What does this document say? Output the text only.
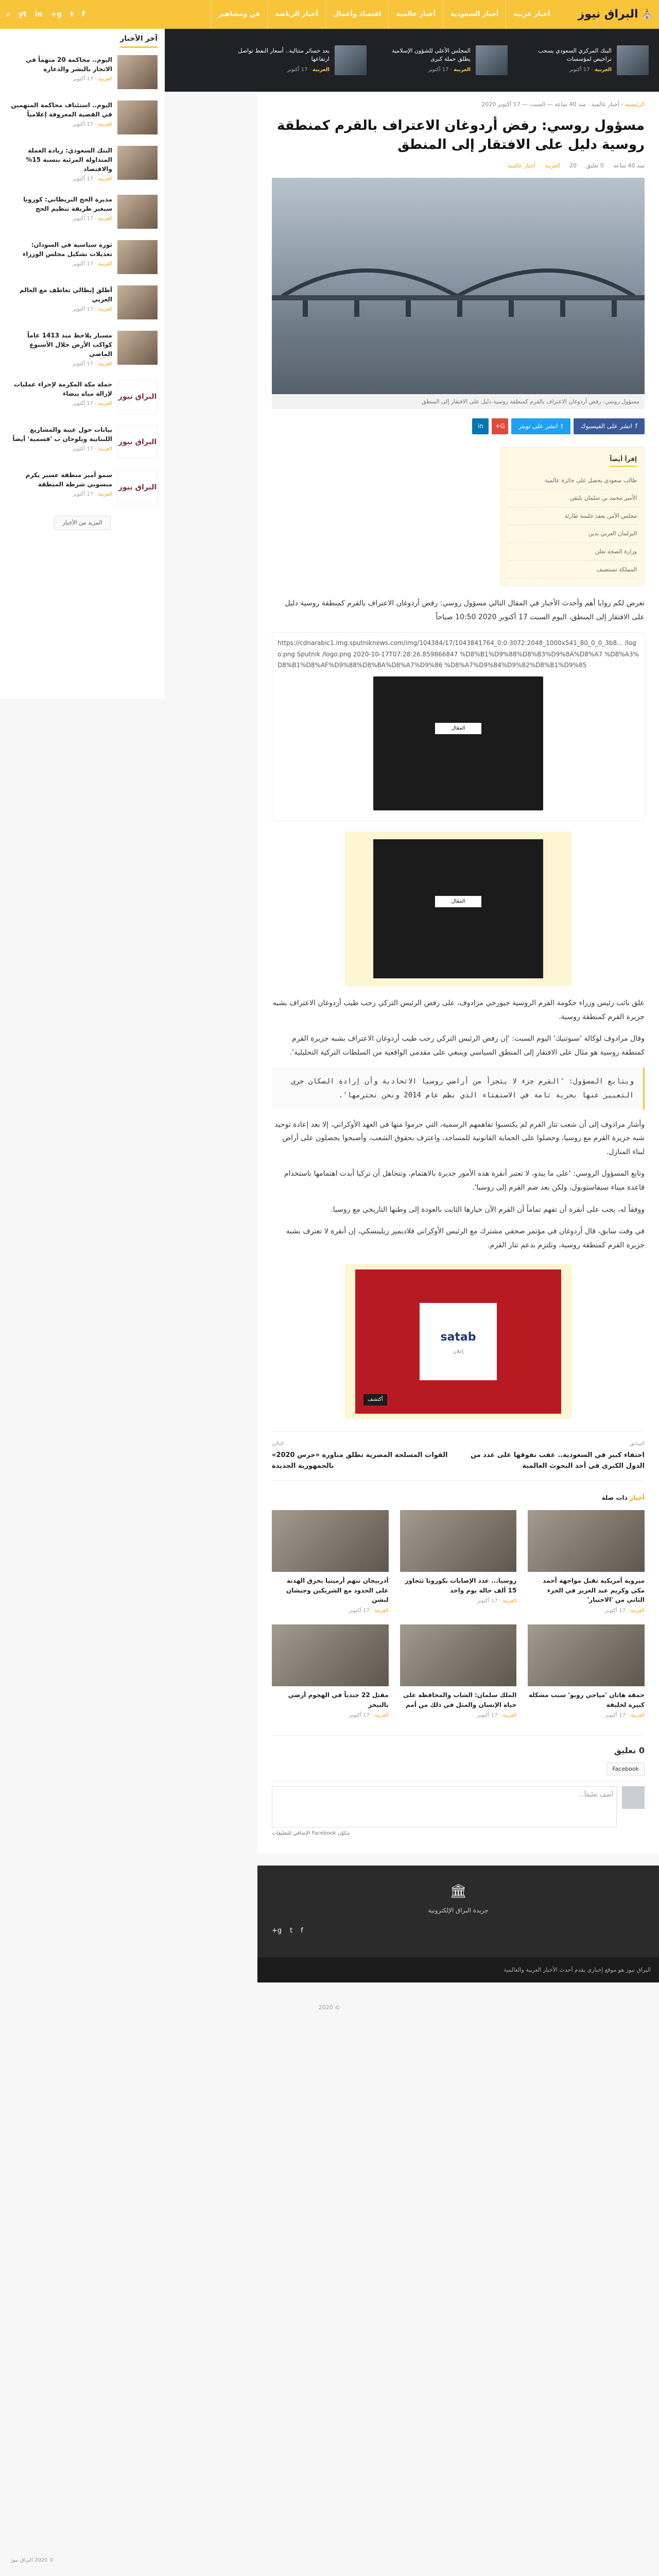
⛪
البراق نيوز
أخبار عربية
أخبار السعودية
أخبار عالمية
اقتصاد وأعمال
أخبار الرياضة
فن ومشاهير
f
t
g+
in
yt
⌕
البنك المركزي السعودي يسحب تراخيص لمؤسسات
العربية · 17 أكتوبر
المجلس الأعلى للشؤون الإسلامية يطلق حملة كبرى
العربية · 17 أكتوبر
بعد خسائر متتالية.. أسعار النفط تواصل ارتفاعها
العربية · 17 أكتوبر
آخر الأخبار
اليوم.. محاكمة 20 متهماً في الاتجار بالبشر والدعارة
العربية · 17 أكتوبر
اليوم.. استئناف محاكمة المتهمين في القضية المعروفة إعلامياً
العربية · 17 أكتوبر
البنك السعودي: زيادة العملة المتداولة المرئية بنسبة 15% والاقتصاد
العربية · 17 أكتوبر
مديرة الحج البريطاني: كورونا سيغير طريقة تنظيم الحج
العربية · 17 أكتوبر
ثورة سياسية في السودان: تعديلات تشكيل مجلس الوزراء
العربية · 17 أكتوبر
أطلق إيطالي تعاطف مع العالم العربي
العربية · 17 أكتوبر
مسبار يلاحظ منذ 1413 عاماً كواكب الأرض خلال الأسبوع الماضي
العربية · 17 أكتوبر
البراق نيوز
حملة مكة المكرمة لإجراء عمليات لإزالة مياه بيضاء
العربية · 17 أكتوبر
البراق نيوز
بيانات حول غيبة والمشاريع اللبنانية ويلوحان ب 'قسمية' أيضاً
العربية · 17 أكتوبر
البراق نيوز
سمو أمير منطقة عسير يكرم منسوبي شرطة المنطقة
العربية · 17 أكتوبر
المزيد من الأخبار
الرئيسية › أخبار عالمية · منذ 40 ساعة — السبت — 17 أكتوبر 2020
مسؤول روسي: رفض أردوغان الاعتراف بالقرم كمنطقة روسية دليل على الافتقار إلى المنطق
منذ 40 ساعة
0 تعليق
20
العربية
أخبار عالمية
مسؤول روسي: رفض أردوغان الاعتراف بالقرم كمنطقة روسية دليل على الافتقار إلى المنطق
f
انشر على الفيسبوك
t
انشر على تويتر
G+
in
إقرأ أيضاً
طالب سعودي يحصل على جائزة عالمية
الأمير محمد بن سلمان يلتقي
مجلس الأمن يعقد جلسة طارئة
البرلمان العربي يدين
وزارة الصحة تعلن
المملكة تستضيف

تعرض لكم زوايا أهم وأحدث الأخبار في المقال التالي مسؤول روسي: رفض أردوغان الاعتراف بالقرم كمنطقة روسية دليل على الافتقار إلى المنطق، اليوم السبت 17 أكتوبر 2020 10:50 صباحاً

https://cdnarabic1.img.sputniknews.com/img/104384/17/1043841764_0:0:3072:2048_1000x541_80_0_0_3b8... /logo.png Sputnik /logo.png 2020-10-17T07:28:26.859866847 %D8%B1%D9%88%D8%B3%D9%8A%D8%A7 %D8%A3%D8%B1%D8%AF%D9%88%D8%BA%D8%A7%D9%86 %D8%A7%D9%84%D9%82%D8%B1%D9%85
المقال
المقال

علق نائب رئيس وزراء حكومة القرم الروسية جيورجي مرادوف، على رفض الرئيس التركي رجب طيب أردوغان الاعتراف بشبه جزيرة القرم كمنطقة روسية.

وقال مرادوف لوكالة 'سبوتنيك' اليوم السبت: 'إن رفض الرئيس التركي رجب طيب أردوغان الاعتراف بشبه جزيرة القرم كمنطقة روسية هو مثال على الافتقار إلى المنطق السياسي وينبغي على مقدمي الواقعية من السلطات التركية التحليلية'.

ويتابع المسؤول: 'القرم جزء لا يتجزأ من أراضي روسيا الاتحادية وأن إرادة السكان جرى التعبير عنها بحرية تامة في الاستفتاء الذي نظم عام 2014 ونحن نحترمها'.

وأشار مرادوف إلى أن شعب تتار القرم لم يكتسبوا تفاهمهم الرسمية، التي حرموا منها في العهد الأوكراني، إلا بعد إعادة توحيد شبه جزيرة القرم مع روسيا، وحصلوا على الحماية القانونية للمساجد، واعترف بحقوق الشعب، وأصبحوا يحصلون على أراض لبناء المنازل.

وتابع المسؤول الروسي: 'على ما يبدو، لا تعتبر أنقرة هذه الأمور جديرة بالاهتمام، وتتجاهل أن تركيا أبدت اهتمامها باستخدام قاعدة ميناء سيفاستوبول، ولكن بعد ضم القرم إلى روسيا'.

ووفقاً له، يجب على أنقرة أن تفهم تماماً أن القرم الآن خيارها الثابت بالعودة إلى وطنها التاريخي مع روسيا.

في وقت سابق، قال أردوغان في مؤتمر صحفي مشترك مع الرئيس الأوكراني فلاديمير زيلينسكي، إن أنقرة لا تعترف بشبه جزيرة القرم كمنطقة روسية، وتلتزم بدعم تتار القرم.

satab
إعلان
أكتشف
السابق
احتفاء كبير في السعودية.. عقب تفوقها على عدد من الدول الكبرى في أحد البحوث العالمية
التالي
القوات المسلحة المصرية تطلق مناورة «حرس 2020» بالجمهورية الجديدة
أخبار ذات صلة
ميروية أمريكية تقبل مواجهة أحمد مكي وكريم عبد العزيز في الجزء الثاني من 'الاختيار'
العربية · 17 أكتوبر
روسيا... عدد الإصابات بكورونا تتجاوز 15 ألف حالة يوم واحد
العربية · 17 أكتوبر
أذربيجان تتهم أرمينيا بخرق الهدنة على الحدود مع الشريكين وجيشان لبشن
العربية · 17 أكتوبر
حمقة هاتان 'مياجي روبو' سبب مشكلة كبيرة لخليفة
العربية · 17 أكتوبر
الملك سلمان: الشاب والمحافظة على حياة الإنسان والمثل في ذلك من أمم
العربية · 17 أكتوبر
مقتل 22 جندياً في الهجوم أرضي بالنيجر
العربية · 17 أكتوبر
0 تعليق
Facebook
أضف تعليقاً...
مكوّن Facebook الإضافي للتعليقات
🏛
جريدة البراق الإلكترونية
f
t
g+
البراق نيوز هو موقع إخباري يقدم أحدث الأخبار العربية والعالمية
© 2020
© 2020 البراق نيوز
